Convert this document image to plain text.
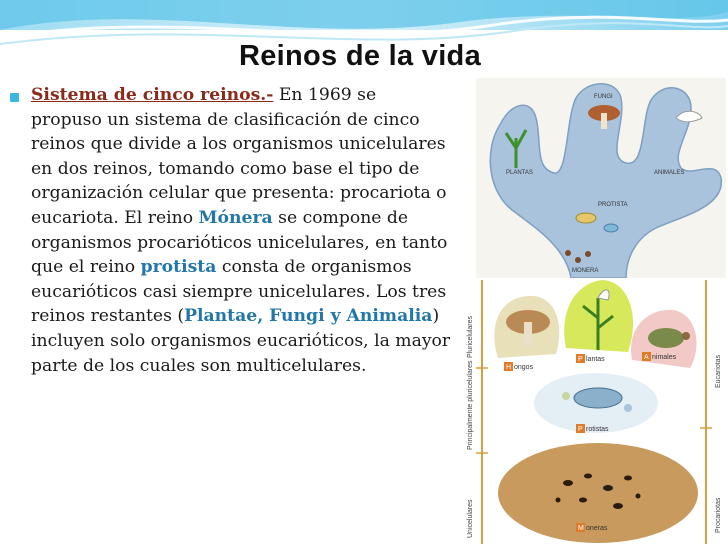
Reinos de la vida
Sistema de cinco reinos.- En 1969 se propuso un sistema de clasificación de cinco reinos que divide a los organismos unicelulares en dos reinos, tomando como base el tipo de organización celular que presenta: procariota o eucariota. El reino Mónera se compone de organismos procarióticos unicelulares, en tanto que el reino protista consta de organismos eucarióticos casi siempre unicelulares. Los tres reinos restantes (Plantae, Fungi y Animalia) incluyen solo organismos eucarióticos, la mayor parte de los cuales son multicelulares.
FUNGI
PLANTAS	ANIMALES
PROTISTA
MONERA
Pluricelulares
Principalmente pluricelulares
Unicelulares
Eucariotas
Procariotas
H ongos
P lantas	A nimales
P rotistas
M oneras
